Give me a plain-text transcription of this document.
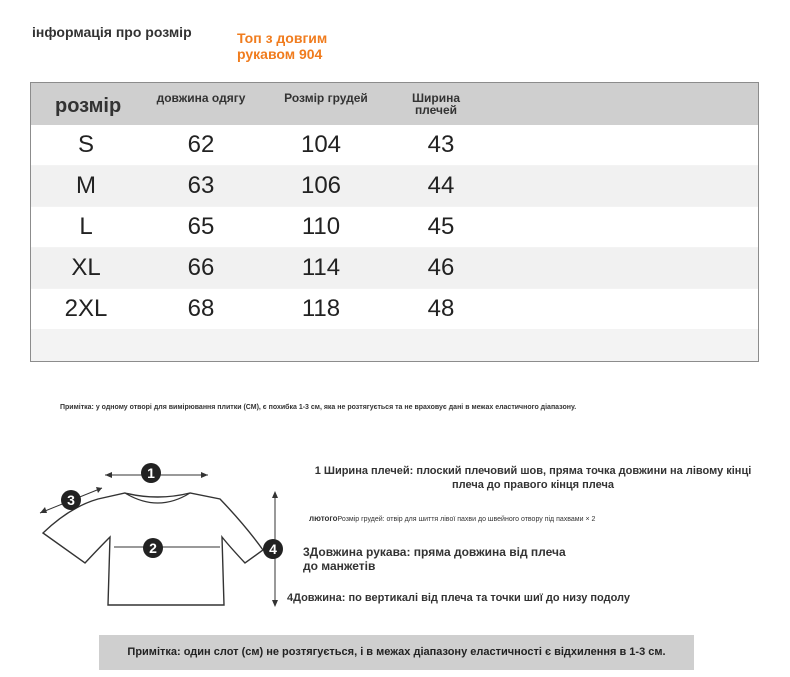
інформація про розмір	Топ з довгим рукавом 904
розмір	довжина одягу	Розмір грудей	Ширина плечей
S	62	104	43
M	63	106	44
L	65	110	45
XL	66	114	46
2XL	68	118	48
Примітка: у одному отворі для вимірювання плитки (СМ), є похибка 1-3 см, яка не розтягується та не враховує дані в межах еластичного діапазону.
1
2
3
4
1 Ширина плечей: плоский плечовий шов, пряма точка довжини на лівому кінці плеча до правого кінця плеча
лютогоРозмір грудей: отвір для шиття лівої пахви до швейного отвору під пахвами × 2
3Довжина рукава: пряма довжина від плеча до манжетів
4Довжина: по вертикалі від плеча та точки шиї до низу подолу
Примітка: один слот (см) не розтягується, і в межах діапазону еластичності є відхилення в 1-3 см.
